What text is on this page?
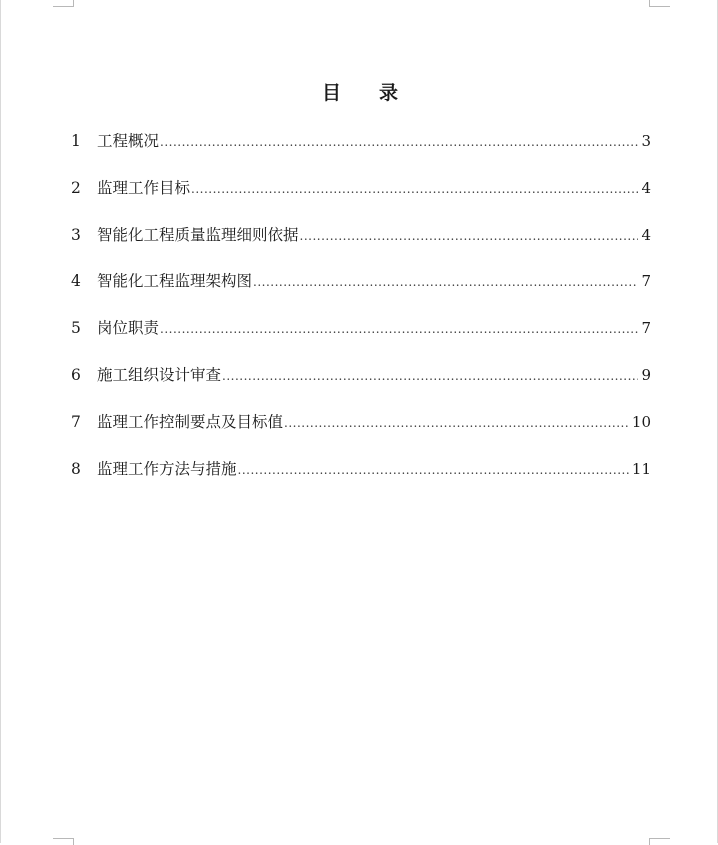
目 录
1	工程概况 .....	3
2	监理工作目标 .....	4
3	智能化工程质量监理细则依据 .....	4
4	智能化工程监理架构图 .....	7
5	岗位职责 .....	7
6	施工组织设计审查 .....	9
7	监理工作控制要点及目标值 .....	10
8	监理工作方法与措施 .....	11
